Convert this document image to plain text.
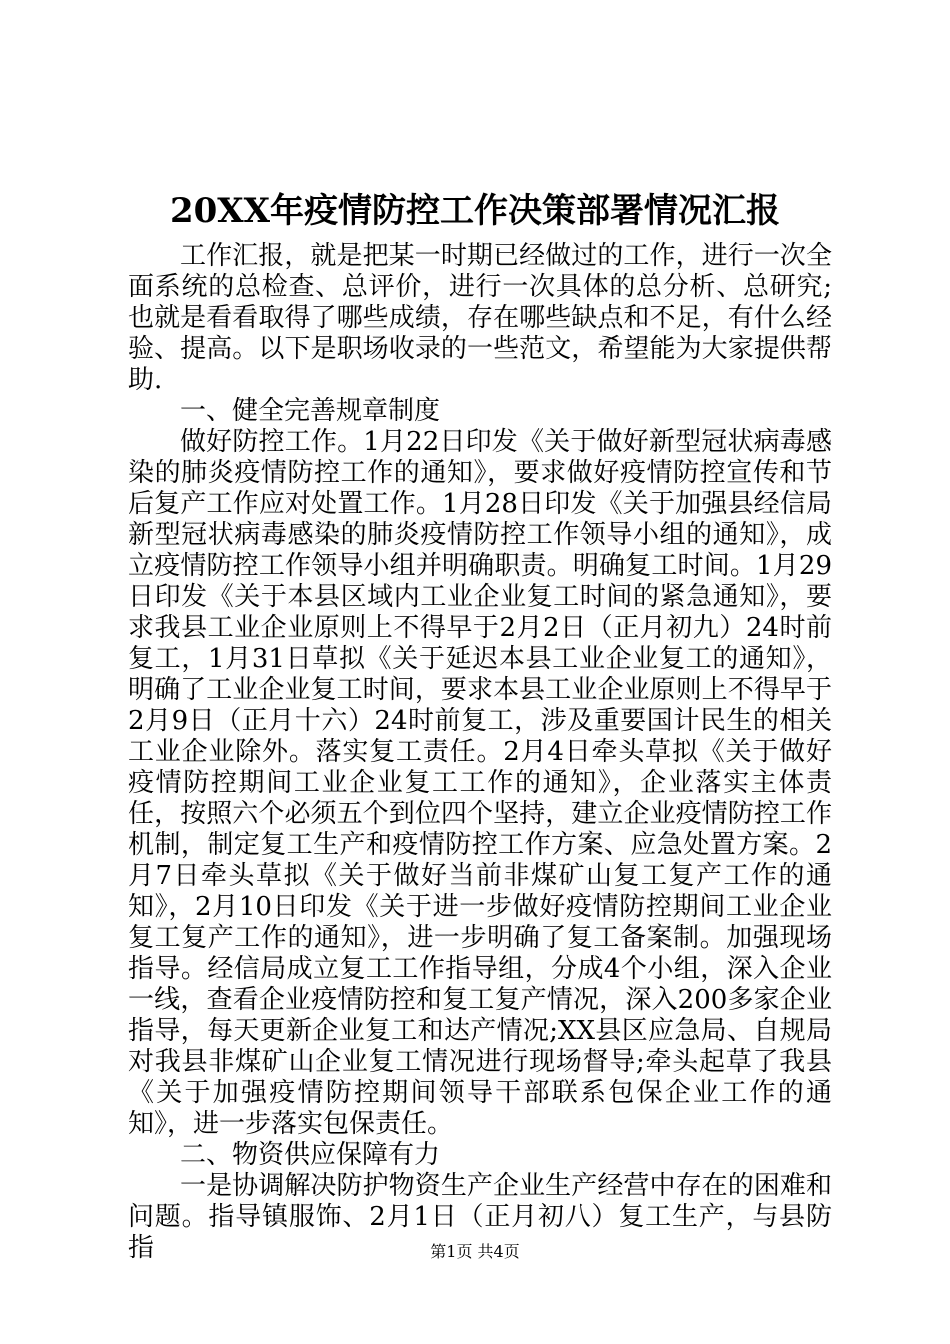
20XX年疫情防控工作决策部署情况汇报

工作汇报，就是把某一时期已经做过的工作，进行一次全面系统的总检查、总评价，进行一次具体的总分析、总研究;也就是看看取得了哪些成绩，存在哪些缺点和不足，有什么经验、提高。以下是职场收录的一些范文，希望能为大家提供帮助.

一、健全完善规章制度

做好防控工作。1月22日印发《关于做好新型冠状病毒感染的肺炎疫情防控工作的通知》，要求做好疫情防控宣传和节后复产工作应对处置工作。1月28日印发《关于加强县经信局新型冠状病毒感染的肺炎疫情防控工作领导小组的通知》，成立疫情防控工作领导小组并明确职责。明确复工时间。1月29日印发《关于本县区域内工业企业复工时间的紧急通知》，要求我县工业企业原则上不得早于2月2日（正月初九）24时前复工，1月31日草拟《关于延迟本县工业企业复工的通知》，明确了工业企业复工时间，要求本县工业企业原则上不得早于2月9日（正月十六）24时前复工，涉及重要国计民生的相关工业企业除外。落实复工责任。2月4日牵头草拟《关于做好疫情防控期间工业企业复工工作的通知》，企业落实主体责任，按照六个必须五个到位四个坚持，建立企业疫情防控工作机制，制定复工生产和疫情防控工作方案、应急处置方案。2月7日牵头草拟《关于做好当前非煤矿山复工复产工作的通知》，2月10日印发《关于进一步做好疫情防控期间工业企业复工复产工作的通知》，进一步明确了复工备案制。加强现场指导。经信局成立复工工作指导组，分成4个小组，深入企业一线，查看企业疫情防控和复工复产情况，深入200多家企业指导，每天更新企业复工和达产情况;XX县区应急局、自规局对我县非煤矿山企业复工情况进行现场督导;牵头起草了我县《关于加强疫情防控期间领导干部联系包保企业工作的通知》，进一步落实包保责任。

二、物资供应保障有力

一是协调解决防护物资生产企业生产经营中存在的困难和问题。指导镇服饰、2月1日（正月初八）复工生产，与县防指	第1页 共4页
